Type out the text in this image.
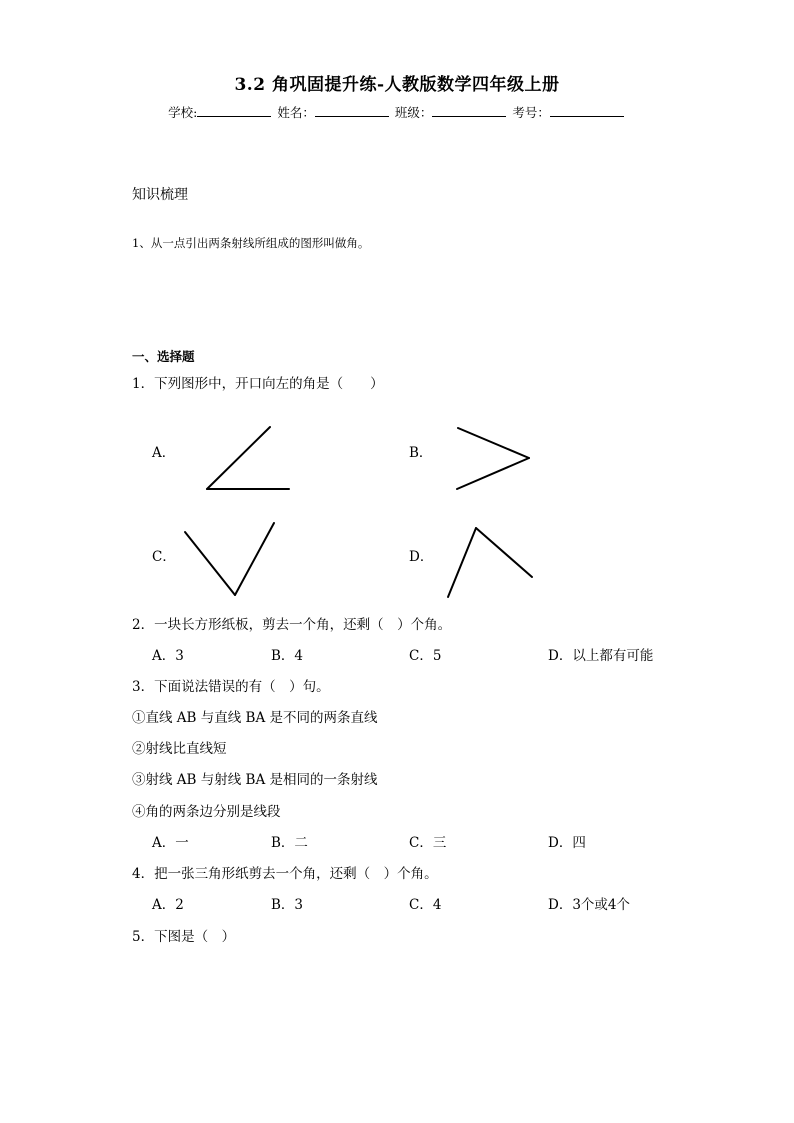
3.2 角巩固提升练-人教版数学四年级上册
学校:	姓名：	班级：	考号：
知识梳理
1、从一点引出两条射线所组成的图形叫做角。
一、选择题
1．下列图形中，开口向左的角是（　　）
A．	B．
C．	D．
2．一块长方形纸板，剪去一个角，还剩（　）个角。
A．3	B．4	C．5	D．以上都有可能
3．下面说法错误的有（　）句。
①直线 AB 与直线 BA 是不同的两条直线
②射线比直线短
③射线 AB 与射线 BA 是相同的一条射线
④角的两条边分别是线段
A．一	B．二	C．三	D．四
4．把一张三角形纸剪去一个角，还剩（　）个角。
A．2	B．3	C．4	D．3个或4个
5．下图是（　）
